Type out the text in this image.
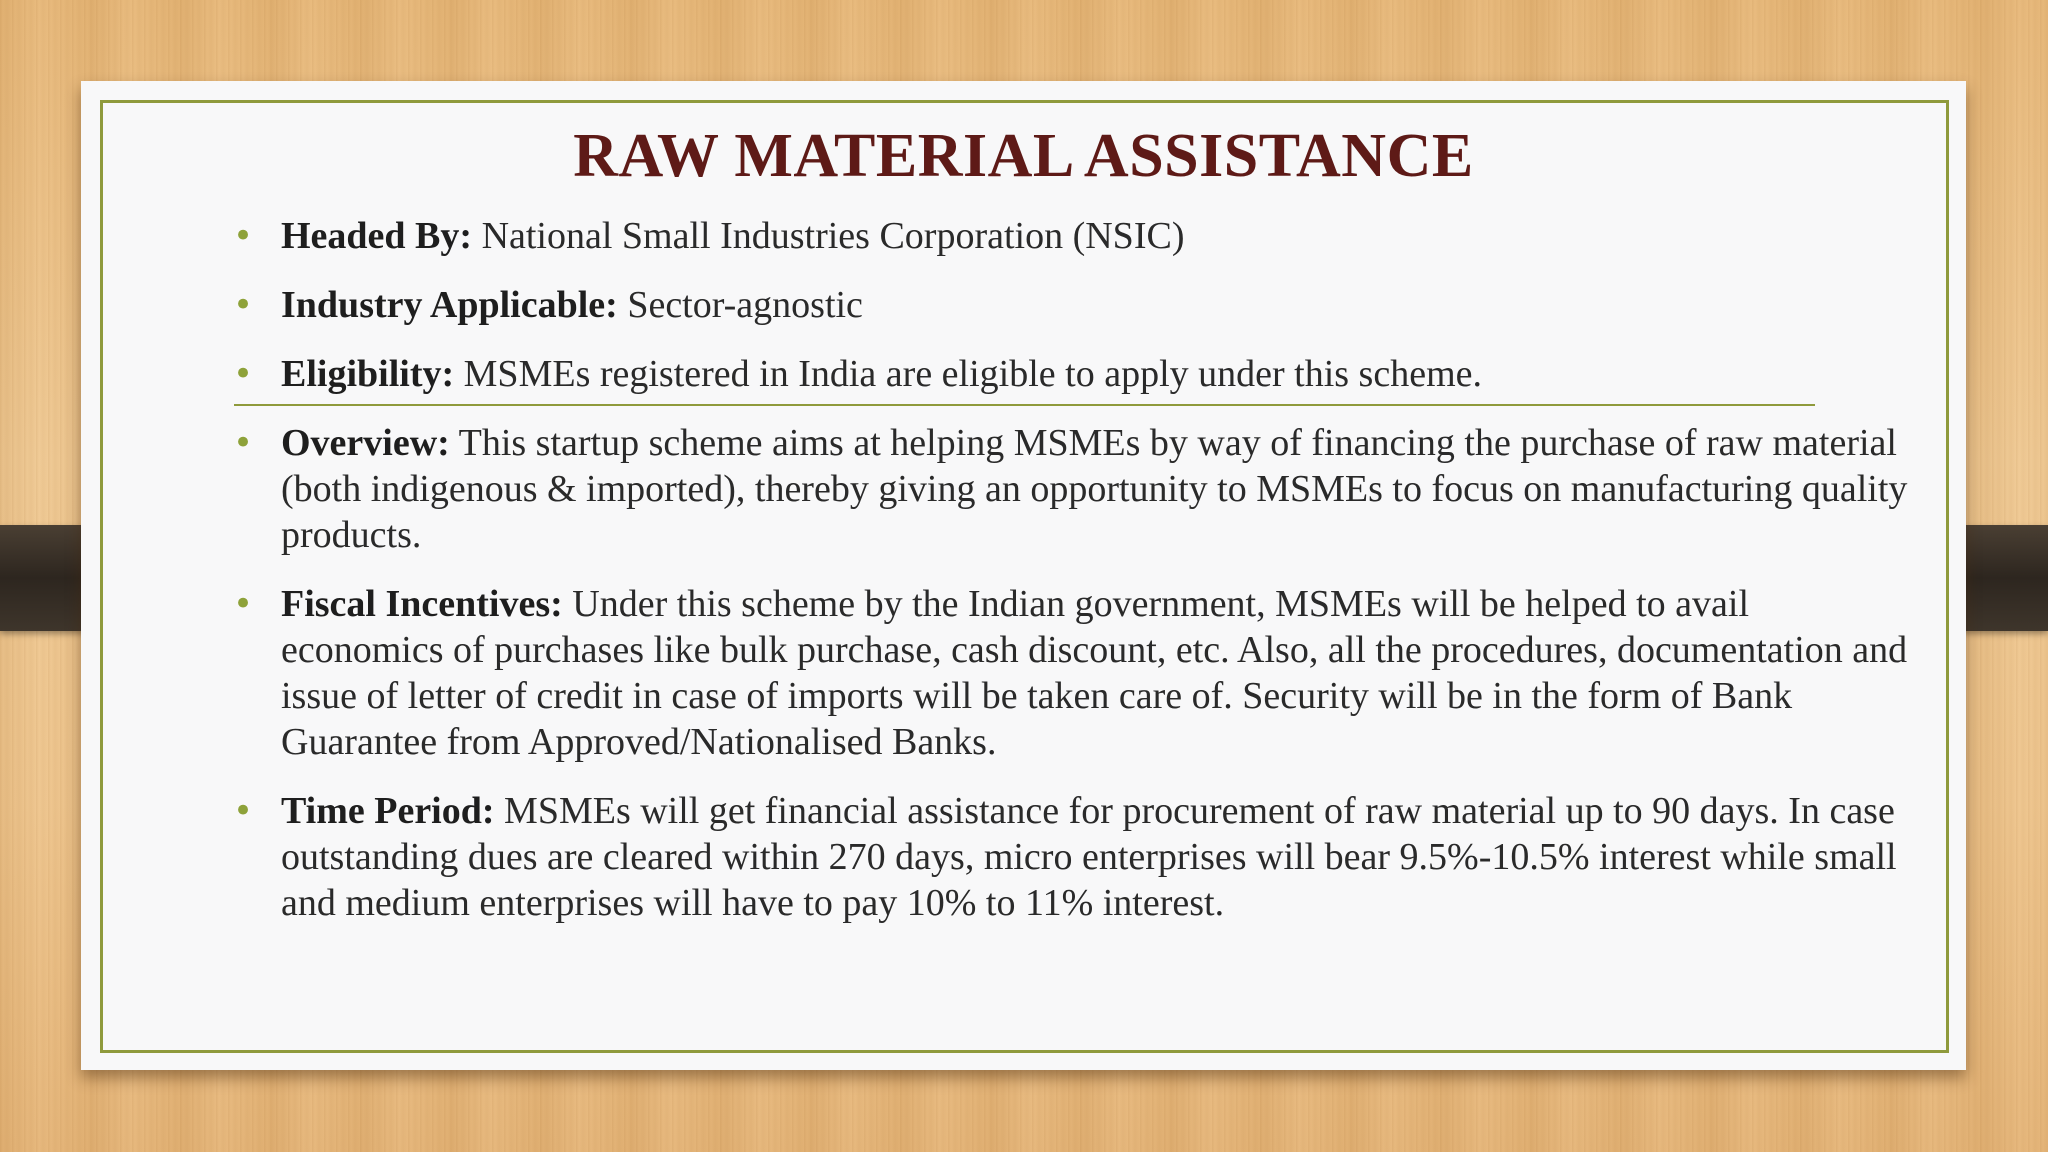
RAW MATERIAL ASSISTANCE
• Headed By: National Small Industries Corporation (NSIC)
• Industry Applicable: Sector-agnostic
• Eligibility: MSMEs registered in India are eligible to apply under this scheme.
• Overview: This startup scheme aims at helping MSMEs by way of financing the purchase of raw material (both indigenous & imported), thereby giving an opportunity to MSMEs to focus on manufacturing quality products.
• Fiscal Incentives: Under this scheme by the Indian government, MSMEs will be helped to avail economics of purchases like bulk purchase, cash discount, etc. Also, all the procedures, documentation and issue of letter of credit in case of imports will be taken care of. Security will be in the form of Bank Guarantee from Approved/Nationalised Banks.
• Time Period: MSMEs will get financial assistance for procurement of raw material up to 90 days. In case outstanding dues are cleared within 270 days, micro enterprises will bear 9.5%-10.5% interest while small and medium enterprises will have to pay 10% to 11% interest.
